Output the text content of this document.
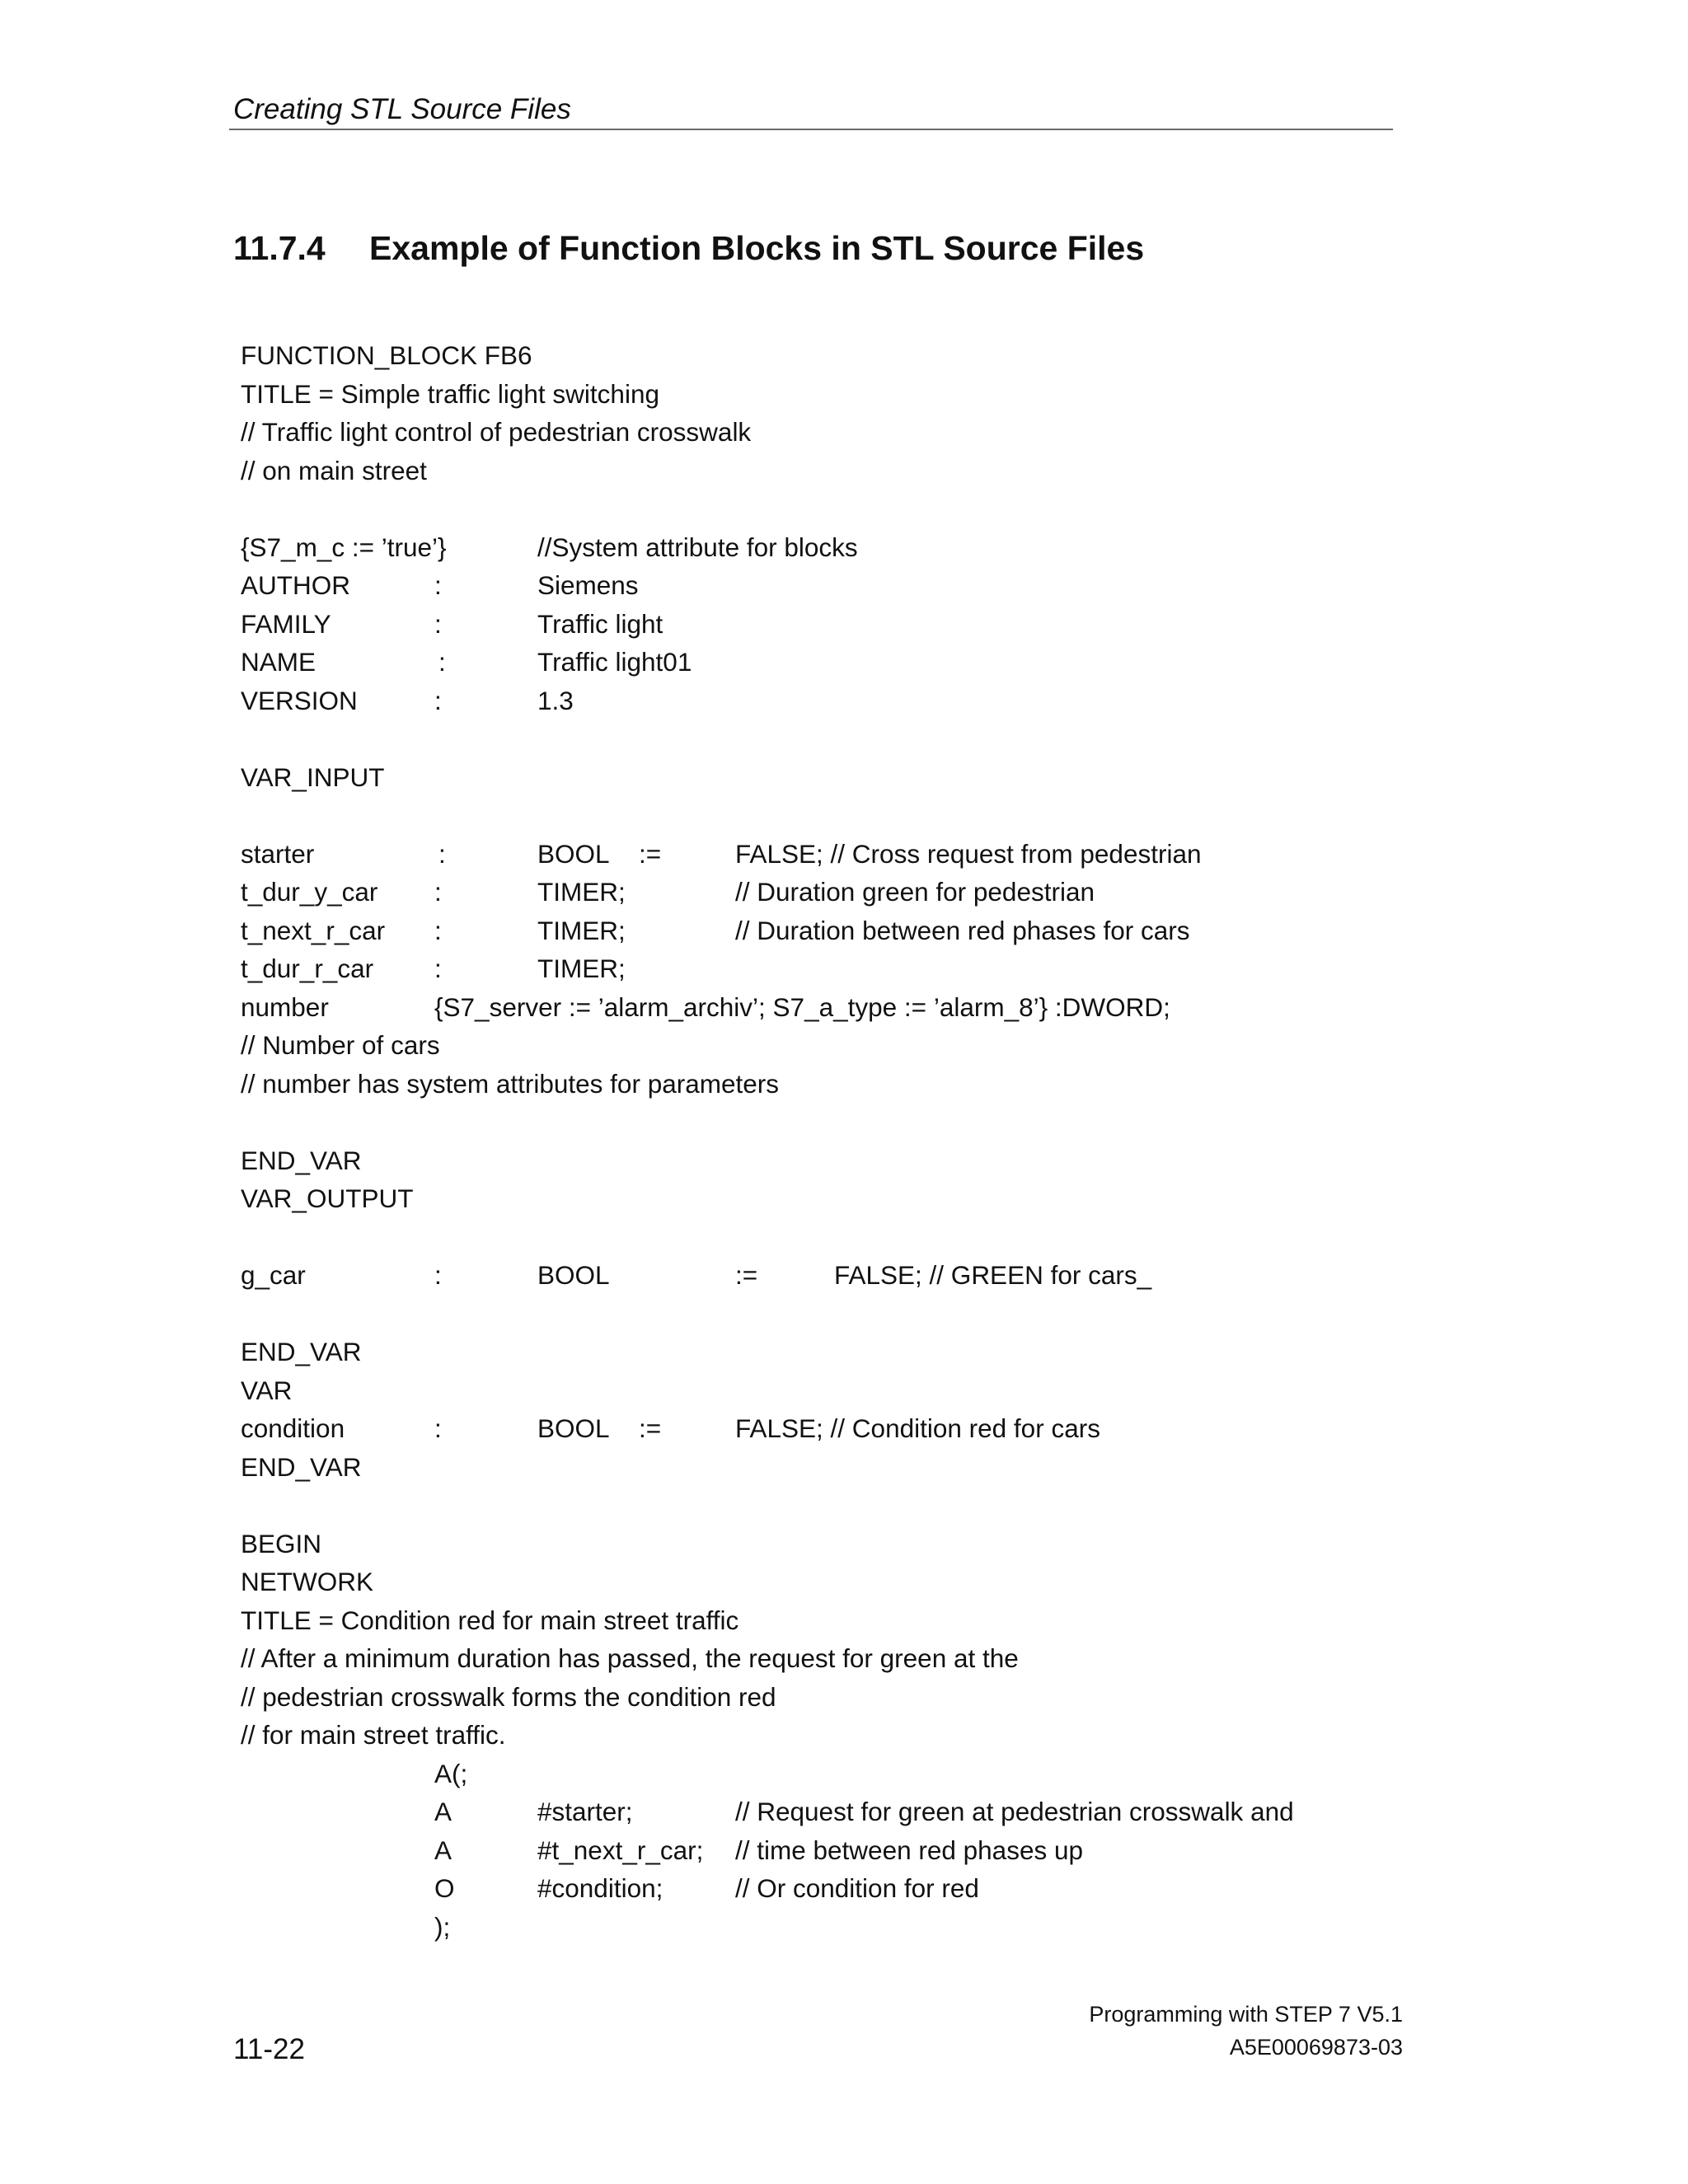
Creating STL Source Files
11.7.4 Example of Function Blocks in STL Source Files
FUNCTION_BLOCK FB6
TITLE = Simple traffic light switching
// Traffic light control of pedestrian crosswalk
// on main street
{S7_m_c := ’true’}	//System attribute for blocks
AUTHOR	:	Siemens
FAMILY	:	Traffic light
NAME	:	Traffic light01
VERSION	:	1.3
VAR_INPUT
starter	:	BOOL :=	FALSE; // Cross request from pedestrian
t_dur_y_car :	TIMER;	// Duration green for pedestrian
t_next_r_car :	TIMER;	// Duration between red phases for cars
t_dur_r_car :	TIMER;
number	{S7_server := ’alarm_archiv’; S7_a_type := ’alarm_8’} :DWORD;
// Number of cars
// number has system attributes for parameters
END_VAR
VAR_OUTPUT
g_car	:	BOOL	:=	FALSE; // GREEN for cars_
END_VAR
VAR
condition	:	BOOL :=	FALSE; // Condition red for cars
END_VAR
BEGIN
NETWORK
TITLE = Condition red for main street traffic
// After a minimum duration has passed, the request for green at the
// pedestrian crosswalk forms the condition red
// for main street traffic.
A(;
A	#starter;	// Request for green at pedestrian crosswalk and
A	#t_next_r_car; // time between red phases up
O	#condition;	// Or condition for red
);
11-22
Programming with STEP 7 V5.1
A5E00069873-03
